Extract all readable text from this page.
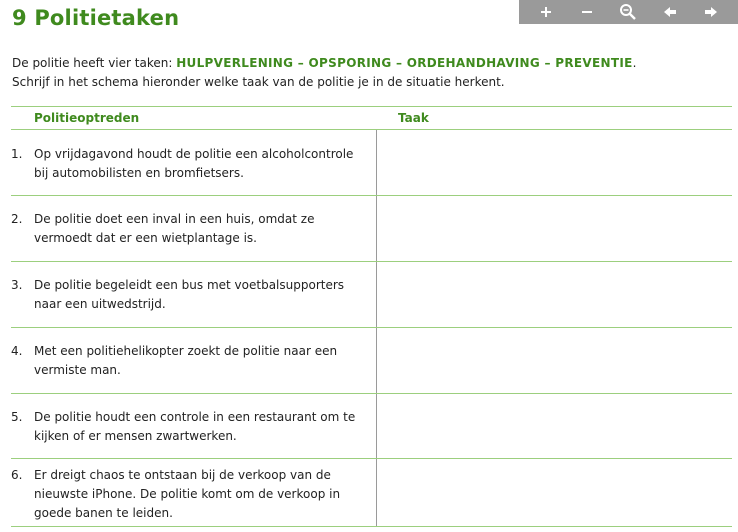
9 Politietaken
De politie heeft vier taken: HULPVERLENING – OPSPORING – ORDEHANDHAVING – PREVENTIE.
Schrijf in het schema hieronder welke taak van de politie je in de situatie herkent.
Politieoptreden	Taak
1. Op vrijdagavond houdt de politie een alcoholcontrole
bij automobilisten en bromfietsers.
2. De politie doet een inval in een huis, omdat ze
vermoedt dat er een wietplantage is.
3. De politie begeleidt een bus met voetbalsupporters
naar een uitwedstrijd.
4. Met een politiehelikopter zoekt de politie naar een
vermiste man.
5. De politie houdt een controle in een restaurant om te
kijken of er mensen zwartwerken.
6. Er dreigt chaos te ontstaan bij de verkoop van de
nieuwste iPhone. De politie komt om de verkoop in
goede banen te leiden.
